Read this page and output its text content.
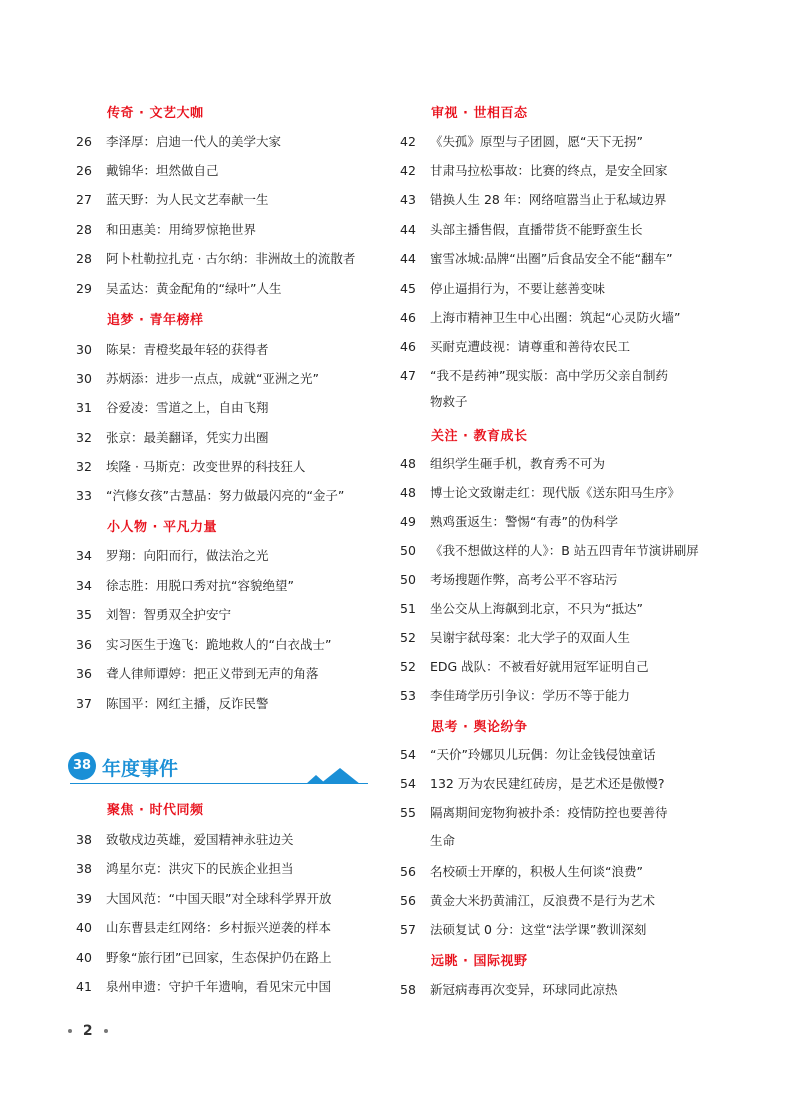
传奇 · 文艺大咖
26 李泽厚：启迪一代人的美学大家
26 戴锦华：坦然做自己
27 蓝天野：为人民文艺奉献一生
28 和田惠美：用绮罗惊艳世界
28 阿卜杜勒拉扎克 · 古尔纳：非洲故土的流散者
29 吴孟达：黄金配角的“绿叶”人生
追梦 · 青年榜样
30 陈杲：青橙奖最年轻的获得者
30 苏炳添：进步一点点，成就“亚洲之光”
31 谷爱凌：雪道之上，自由飞翔
32 张京：最美翻译，凭实力出圈
32 埃隆 · 马斯克：改变世界的科技狂人
33 “汽修女孩”古慧晶：努力做最闪亮的“金子”
小人物 · 平凡力量
34 罗翔：向阳而行，做法治之光
34 徐志胜：用脱口秀对抗“容貌绝望”
35 刘智：智勇双全护安宁
36 实习医生于逸飞：跪地救人的“白衣战士”
36 聋人律师谭婷：把正义带到无声的角落
37 陈国平：网红主播，反诈民警
38 年度事件
聚焦 · 时代同频
38 致敬戍边英雄，爱国精神永驻边关
38 鸿星尔克：洪灾下的民族企业担当
39 大国风范：“中国天眼”对全球科学界开放
40 山东曹县走红网络：乡村振兴逆袭的样本
40 野象“旅行团”已回家，生态保护仍在路上
41 泉州申遗：守护千年遗响，看见宋元中国
审视 · 世相百态
42 《失孤》原型与子团圆，愿“天下无拐”
42 甘肃马拉松事故：比赛的终点，是安全回家
43 错换人生 28 年：网络喧嚣当止于私域边界
44 头部主播售假，直播带货不能野蛮生长
44 蜜雪冰城:品牌“出圈”后食品安全不能“翻车”
45 停止逼捐行为，不要让慈善变味
46 上海市精神卫生中心出圈：筑起“心灵防火墙”
46 买耐克遭歧视：请尊重和善待农民工
47 “我不是药神”现实版：高中学历父亲自制药
物救子
关注 · 教育成长
48 组织学生砸手机，教育秀不可为
48 博士论文致谢走红：现代版《送东阳马生序》
49 熟鸡蛋返生：警惕“有毒”的伪科学
50 《我不想做这样的人》：B 站五四青年节演讲刷屏
50 考场搜题作弊，高考公平不容玷污
51 坐公交从上海飙到北京，不只为“抵达”
52 吴谢宇弑母案：北大学子的双面人生
52 EDG 战队：不被看好就用冠军证明自己
53 李佳琦学历引争议：学历不等于能力
思考 · 舆论纷争
54 “天价”玲娜贝儿玩偶：勿让金钱侵蚀童话
54 132 万为农民建红砖房，是艺术还是傲慢?
55 隔离期间宠物狗被扑杀：疫情防控也要善待
生命
56 名校硕士开摩的，积极人生何谈“浪费”
56 黄金大米扔黄浦江，反浪费不是行为艺术
57 法硕复试 0 分：这堂“法学课”教训深刻
远眺 · 国际视野
58 新冠病毒再次变异，环球同此凉热
2
